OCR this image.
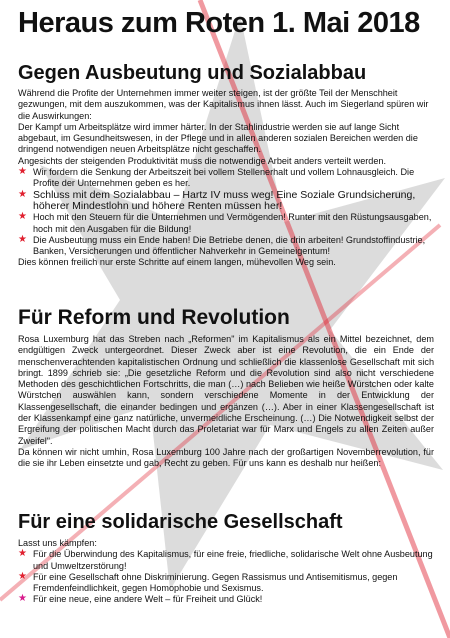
Heraus zum Roten 1. Mai 2018
Gegen Ausbeutung und Sozialabbau

Während die Profite der Unternehmen immer weiter steigen, ist der größte Teil der Menschheit gezwungen, mit dem auszukommen, was der Kapitalismus ihnen lässt. Auch im Siegerland spüren wir die Auswirkungen:

Der Kampf um Arbeitsplätze wird immer härter. In der Stahlindustrie werden sie auf lange Sicht abgebaut, im Gesundheitswesen, in der Pflege und in allen anderen sozialen Bereichen werden die dringend notwendigen neuen Arbeitsplätze nicht geschaffen.

Angesichts der steigenden Produktivität muss die notwendige Arbeit anders verteilt werden.

★ Wir fordern die Senkung der Arbeitszeit bei vollem Stellenerhalt und vollem Lohnausgleich. Die Profite der Unternehmen geben es her.
★ Schluss mit dem Sozialabbau – Hartz IV muss weg! Eine Soziale Grundsicherung, höherer Mindestlohn und höhere Renten müssen her!
★ Hoch mit den Steuern für die Unternehmen und Vermögenden! Runter mit den Rüstungsausgaben, hoch mit den Ausgaben für die Bildung!
★ Die Ausbeutung muss ein Ende haben! Die Betriebe denen, die drin arbeiten! Grundstoffindustrie, Banken, Versicherungen und öffentlicher Nahverkehr in Gemeineigentum!

Dies können freilich nur erste Schritte auf einem langen, mühevollen Weg sein.

Für Reform und Revolution

Rosa Luxemburg hat das Streben nach „Reformen" im Kapitalismus als ein Mittel bezeichnet, dem endgültigen Zweck untergeordnet. Dieser Zweck aber ist eine Revolution, die ein Ende der menschenverachtenden kapitalistischen Ordnung und schließlich die klassenlose Gesellschaft mit sich bringt. 1899 schrieb sie: „Die gesetzliche Reform und die Revolution sind also nicht verschiedene Methoden des geschichtlichen Fortschritts, die man (…) nach Belieben wie heiße Würstchen oder kalte Würstchen auswählen kann, sondern verschiedene Momente in der Entwicklung der Klassengesellschaft, die einander bedingen und ergänzen (…). Aber in einer Klassengesellschaft ist der Klassenkampf eine ganz natürliche, unvermeidliche Erscheinung. (…) Die Notwendigkeit selbst der Ergreifung der politischen Macht durch das Proletariat war für Marx und Engels zu allen Zeiten außer Zweifel".

Da können wir nicht umhin, Rosa Luxemburg 100 Jahre nach der großartigen Novemberrevolution, für die sie ihr Leben einsetzte und gab, Recht zu geben. Für uns kann es deshalb nur heißen:

Für eine solidarische Gesellschaft

Lasst uns kämpfen:

★ Für die Überwindung des Kapitalismus, für eine freie, friedliche, solidarische Welt ohne Ausbeutung und Umweltzerstörung!
★ Für eine Gesellschaft ohne Diskriminierung. Gegen Rassismus und Antisemitismus, gegen Fremdenfeindlichkeit, gegen Homophobie und Sexismus.
★ Für eine neue, eine andere Welt – für Freiheit und Glück!
